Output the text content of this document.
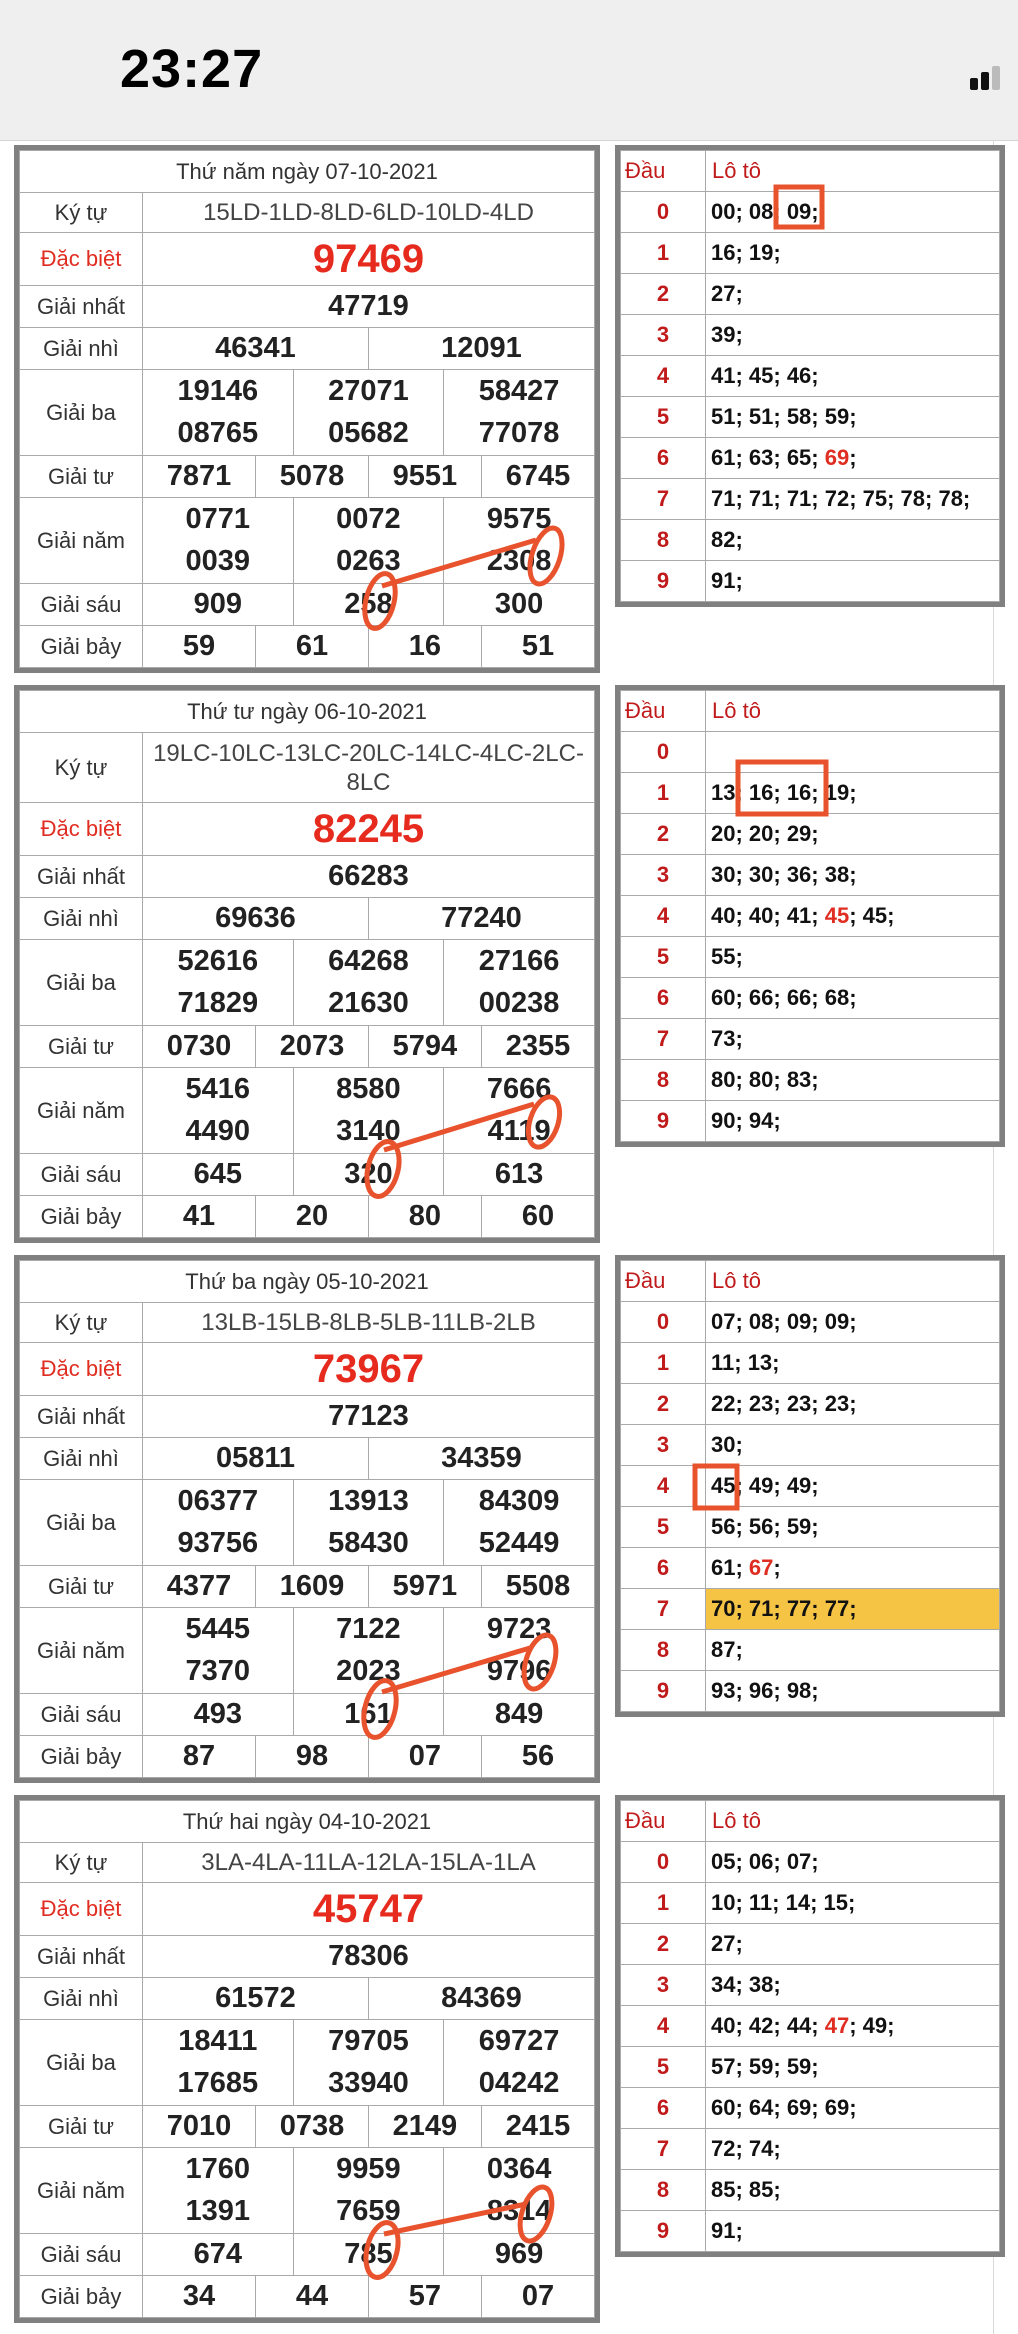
23:27
Thứ năm ngày 07-10-2021						
Ký tự	15LD-1LD-8LD-6LD-10LD-4LD					
Đặc biệt	97469					
Giải nhất	47719					
Giải nhì	46341			12091		
Giải ba	19146		27071		58427	
	08765		05682		77078	
Giải tư	7871	5078		9551		6745
Giải năm	0771		0072		9575	
	0039		0263		2308	
Giải sáu	909		258		300	
Giải bảy	59	61		16		51
Đầu	Lô tô
0	00; 08; 09;
1	16; 19;
2	27;
3	39;
4	41; 45; 46;
5	51; 51; 58; 59;
6	61; 63; 65; 69;
7	71; 71; 71; 72; 75; 78; 78;
8	82;
9	91;
Thứ tư ngày 06-10-2021						
Ký tự	19LC-10LC-13LC-20LC-14LC-4LC-2LC-8LC					
Đặc biệt	82245					
Giải nhất	66283					
Giải nhì	69636			77240		
Giải ba	52616		64268		27166	
	71829		21630		00238	
Giải tư	0730	2073		5794		2355
Giải năm	5416		8580		7666	
	4490		3140		4119	
Giải sáu	645		320		613	
Giải bảy	41	20		80		60
Đầu	Lô tô
0	
1	13; 16; 16; 19;
2	20; 20; 29;
3	30; 30; 36; 38;
4	40; 40; 41; 45; 45;
5	55;
6	60; 66; 66; 68;
7	73;
8	80; 80; 83;
9	90; 94;
Thứ ba ngày 05-10-2021						
Ký tự	13LB-15LB-8LB-5LB-11LB-2LB					
Đặc biệt	73967					
Giải nhất	77123					
Giải nhì	05811			34359		
Giải ba	06377		13913		84309	
	93756		58430		52449	
Giải tư	4377	1609		5971		5508
Giải năm	5445		7122		9723	
	7370		2023		9796	
Giải sáu	493		161		849	
Giải bảy	87	98		07		56
Đầu	Lô tô
0	07; 08; 09; 09;
1	11; 13;
2	22; 23; 23; 23;
3	30;
4	45; 49; 49;
5	56; 56; 59;
6	61; 67;
7	70; 71; 77; 77;
8	87;
9	93; 96; 98;
Thứ hai ngày 04-10-2021						
Ký tự	3LA-4LA-11LA-12LA-15LA-1LA					
Đặc biệt	45747					
Giải nhất	78306					
Giải nhì	61572			84369		
Giải ba	18411		79705		69727	
	17685		33940		04242	
Giải tư	7010	0738		2149		2415
Giải năm	1760		9959		0364	
	1391		7659		8314	
Giải sáu	674		785		969	
Giải bảy	34	44		57		07
Đầu	Lô tô
0	05; 06; 07;
1	10; 11; 14; 15;
2	27;
3	34; 38;
4	40; 42; 44; 47; 49;
5	57; 59; 59;
6	60; 64; 69; 69;
7	72; 74;
8	85; 85;
9	91;
